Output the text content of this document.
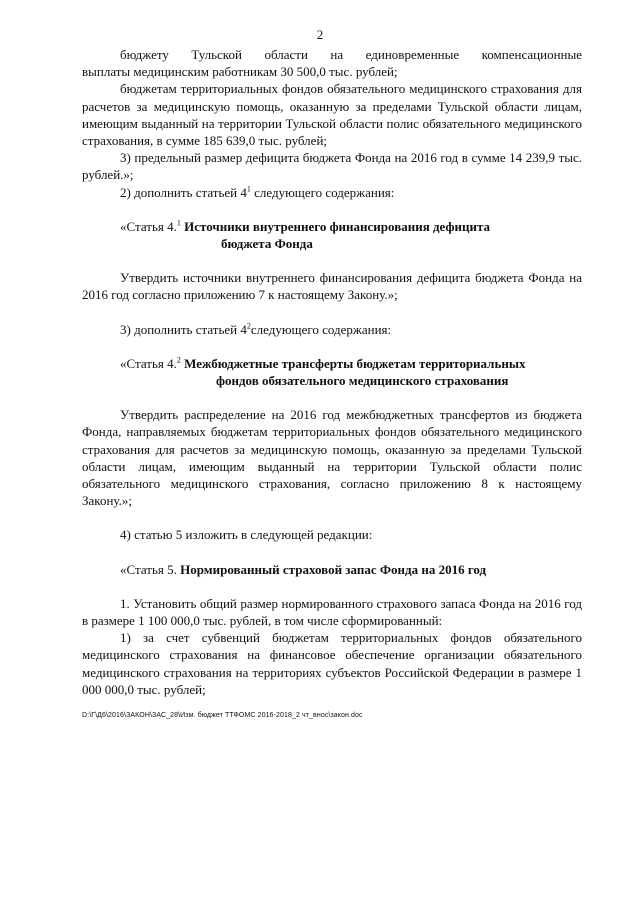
2

бюджету Тульской области на единовременные компенсационные

выплаты медицинским работникам 30 500,0 тыс. рублей;

бюджетам территориальных фондов обязательного медицинского страхования для расчетов за медицинскую помощь, оказанную за пределами Тульской области лицам, имеющим выданный на территории Тульской области полис обязательного медицинского страхования, в сумме 185 639,0 тыс. рублей;

3) предельный размер дефицита бюджета Фонда на 2016 год в сумме 14 239,9 тыс. рублей.»;

2) дополнить статьей $4^1$ следующего содержания:

«Статья 4.$^1$ Источники внутреннего финансирования дефицита
бюджета Фонда

Утвердить источники внутреннего финансирования дефицита бюджета Фонда на 2016 год согласно приложению 7 к настоящему Закону.»;

3) дополнить статьей $4^2следующего$ содержания:

«Статья 4.$^2$ Межбюджетные трансферты бюджетам территориальных
фондов обязательного медицинского страхования

Утвердить распределение на 2016 год межбюджетных трансфертов из бюджета Фонда, направляемых бюджетам территориальных фондов обязательного медицинского страхования для расчетов за медицинскую помощь, оказанную за пределами Тульской области лицам, имеющим выданный на территории Тульской области полис обязательного медицинского страхования, согласно приложению 8 к настоящему Закону.»;

4) статью 5 изложить в следующей редакции:

«Статья 5. Нормированный страховой запас Фонда на 2016 год

1. Установить общий размер нормированного страхового запаса Фонда на 2016 год в размере 1 100 000,0 тыс. рублей, в том числе сформированный:

1) за счет субвенций бюджетам территориальных фондов обязательного медицинского страхования на финансовое обеспечение организации обязательного медицинского страхования на территориях субъектов Российской Федерации в размере 1 000 000,0 тыс. рублей;

D:\Г\Д6\2016\ЗАКОН\ЗАС_28\Изм. бюджет ТТФОМС 2016-2018_2 чт_внос\закон.doc
